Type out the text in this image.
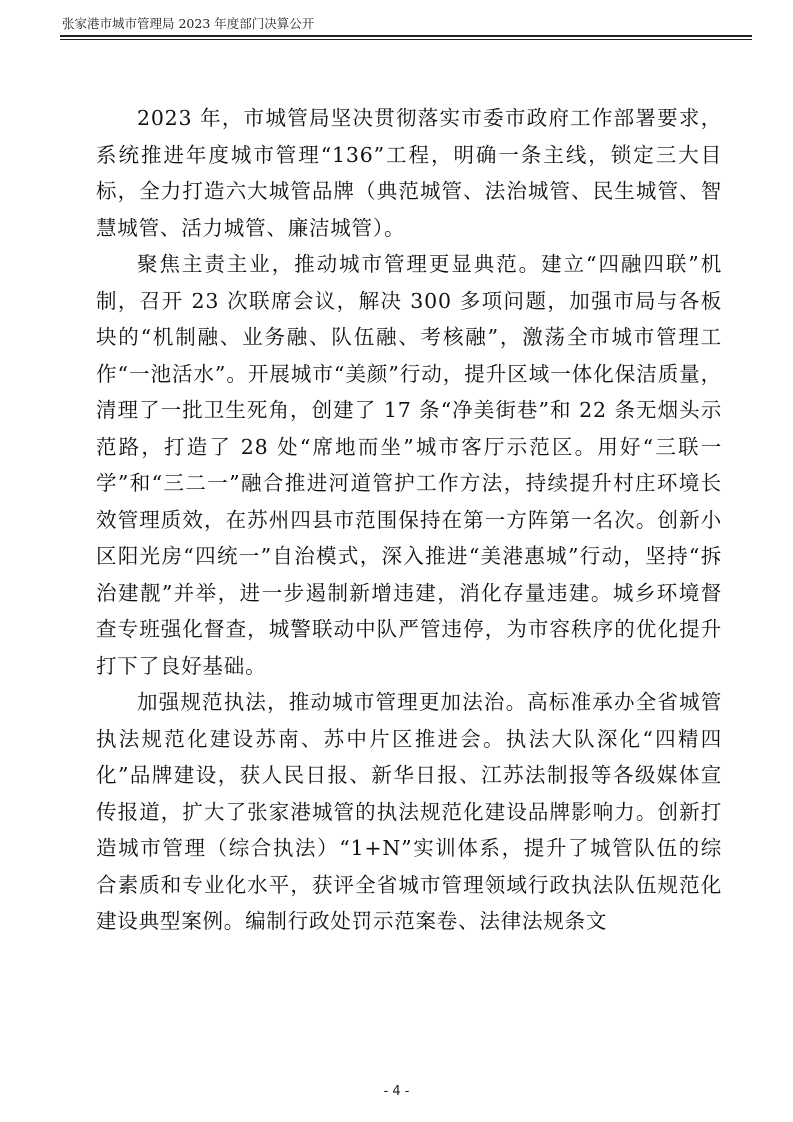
张家港市城市管理局 2023 年度部门决算公开

2023 年，市城管局坚决贯彻落实市委市政府工作部署要求，系统推进年度城市管理“136”工程，明确一条主线，锁定三大目标，全力打造六大城管品牌（典范城管、法治城管、民生城管、智慧城管、活力城管、廉洁城管）。

聚焦主责主业，推动城市管理更显典范。建立“四融四联”机制，召开 23 次联席会议，解决 300 多项问题，加强市局与各板块的“机制融、业务融、队伍融、考核融”，激荡全市城市管理工作“一池活水”。开展城市“美颜”行动，提升区域一体化保洁质量，清理了一批卫生死角，创建了 17 条“净美街巷”和 22 条无烟头示范路，打造了 28 处“席地而坐”城市客厅示范区。用好“三联一学”和“三二一”融合推进河道管护工作方法，持续提升村庄环境长效管理质效，在苏州四县市范围保持在第一方阵第一名次。创新小区阳光房“四统一”自治模式，深入推进“美港惠城”行动，坚持“拆治建靓”并举，进一步遏制新增违建，消化存量违建。城乡环境督查专班强化督查，城警联动中队严管违停，为市容秩序的优化提升打下了良好基础。

加强规范执法，推动城市管理更加法治。高标准承办全省城管执法规范化建设苏南、苏中片区推进会。执法大队深化“四精四化”品牌建设，获人民日报、新华日报、江苏法制报等各级媒体宣传报道，扩大了张家港城管的执法规范化建设品牌影响力。创新打造城市管理（综合执法）“1+N”实训体系，提升了城管队伍的综合素质和专业化水平，获评全省城市管理领域行政执法队伍规范化建设典型案例。编制行政处罚示范案卷、法律法规条文

- 4 -
